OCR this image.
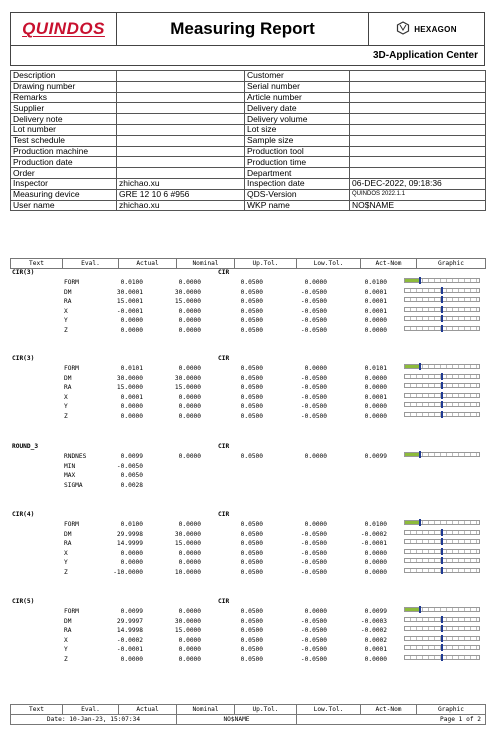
QUINDOS	Measuring Report	HEXAGON
3D-Application Center
Description		Customer	
Drawing number		Serial number	
Remarks		Article number	
Supplier		Delivery date	
Delivery note		Delivery volume	
Lot number		Lot size	
Test schedule		Sample size	
Production machine		Production tool	
Production date		Production time	
Order		Department	
Inspector	zhichao.xu	Inspection date	06-DEC-2022, 09:18:36
Measuring device	GRE 12 10 6 #956	QDS-Version	QUINDOS 2022.1.1
User name	zhichao.xu	WKP name	NO$NAME
Text	Eval.	Actual	Nominal	Up.Tol.	Low.Tol.	Act-Nom	Graphic
CIR(3)	CIR
FORM	0.0100	0.0000	0.0500	0.0000	0.0100
DM	30.0001	30.0000	0.0500	-0.0500	0.0001
RA	15.0001	15.0000	0.0500	-0.0500	0.0001
X	-0.0001	0.0000	0.0500	-0.0500	0.0001
Y	0.0000	0.0000	0.0500	-0.0500	0.0000
Z	0.0000	0.0000	0.0500	-0.0500	0.0000
CIR(3)	CIR
FORM	0.0101	0.0000	0.0500	0.0000	0.0101
DM	30.0000	30.0000	0.0500	-0.0500	0.0000
RA	15.0000	15.0000	0.0500	-0.0500	0.0000
X	0.0001	0.0000	0.0500	-0.0500	0.0001
Y	0.0000	0.0000	0.0500	-0.0500	0.0000
Z	0.0000	0.0000	0.0500	-0.0500	0.0000
ROUND_3	CIR
RNDNES	0.0099	0.0000	0.0500	0.0000	0.0099
MIN	-0.0050
MAX	0.0050
SIGMA	0.0028
CIR(4)	CIR
FORM	0.0100	0.0000	0.0500	0.0000	0.0100
DM	29.9998	30.0000	0.0500	-0.0500	-0.0002
RA	14.9999	15.0000	0.0500	-0.0500	-0.0001
X	0.0000	0.0000	0.0500	-0.0500	0.0000
Y	0.0000	0.0000	0.0500	-0.0500	0.0000
Z	-10.0000	10.0000	0.0500	-0.0500	0.0000
CIR(5)	CIR
FORM	0.0099	0.0000	0.0500	0.0000	0.0099
DM	29.9997	30.0000	0.0500	-0.0500	-0.0003
RA	14.9998	15.0000	0.0500	-0.0500	-0.0002
X	-0.0002	0.0000	0.0500	-0.0500	0.0002
Y	-0.0001	0.0000	0.0500	-0.0500	0.0001
Z	0.0000	0.0000	0.0500	-0.0500	0.0000
Text	Eval.	Actual	Nominal	Up.Tol.	Low.Tol.	Act-Nom	Graphic
Date: 10-Jan-23, 15:07:34			NO$NAME		Page 1 of 2		
